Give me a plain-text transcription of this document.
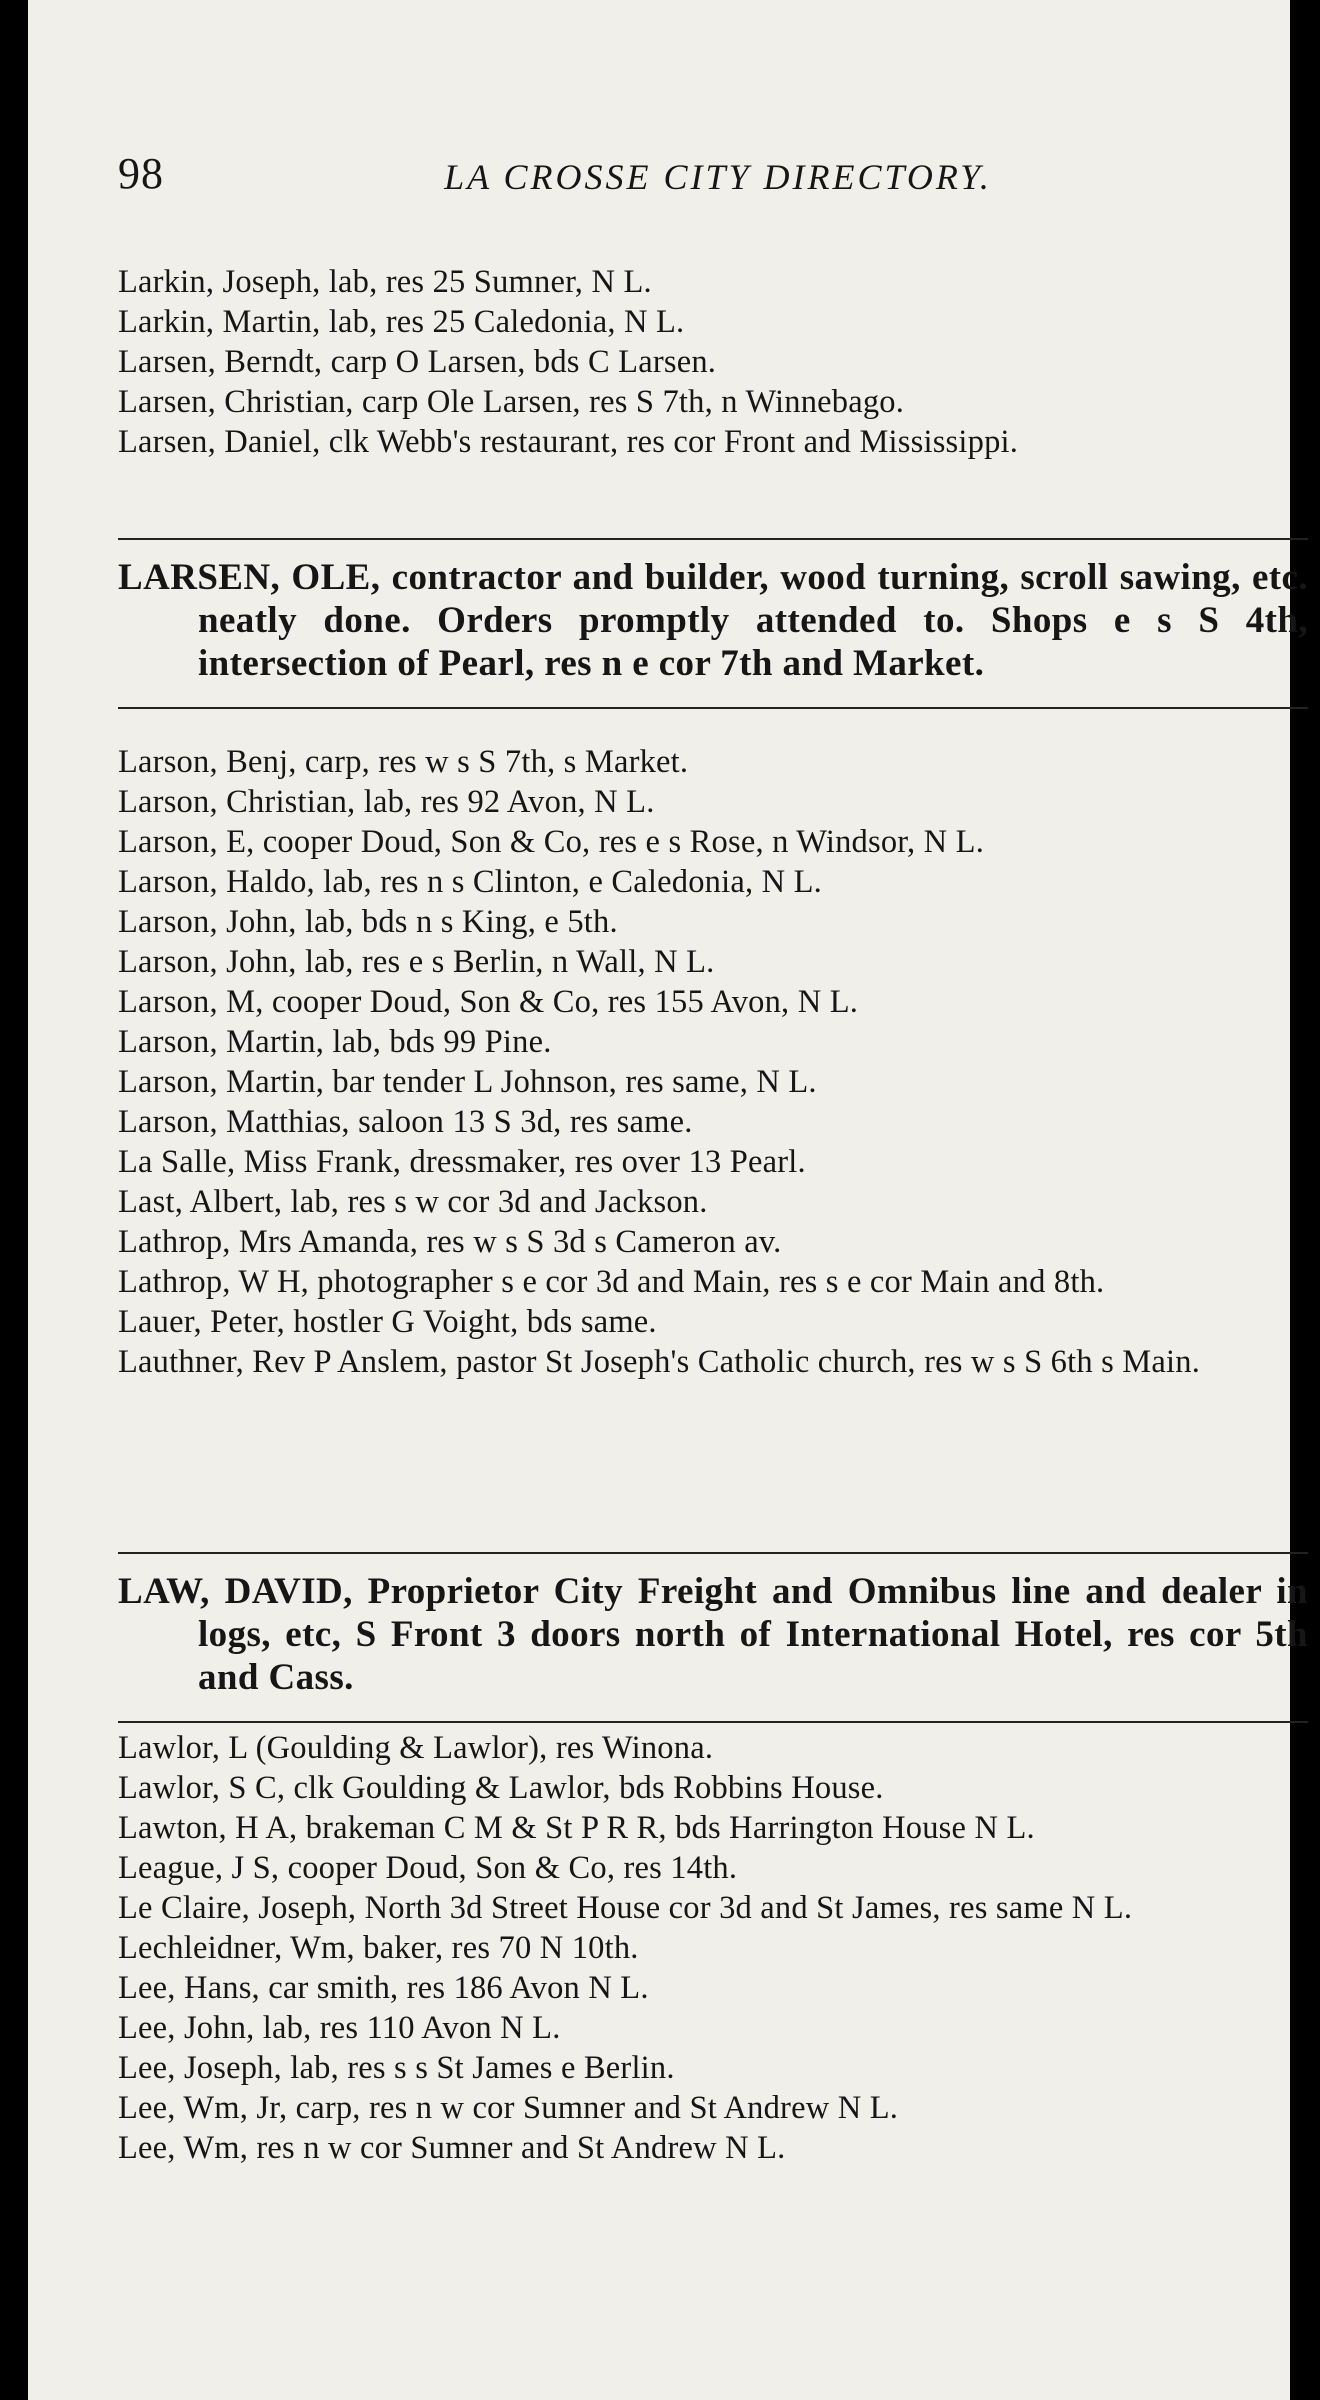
98	LA CROSSE CITY DIRECTORY.
Larkin, Joseph, lab, res 25 Sumner, N L.
Larkin, Martin, lab, res 25 Caledonia, N L.
Larsen, Berndt, carp O Larsen, bds C Larsen.
Larsen, Christian, carp Ole Larsen, res S 7th, n Winnebago.
Larsen, Daniel, clk Webb's restaurant, res cor Front and Mississippi.
LARSEN, OLE, contractor and builder, wood turning, scroll sawing, etc. neatly done. Orders promptly attended to. Shops e s S 4th, intersection of Pearl, res n e cor 7th and Market.
Larson, Benj, carp, res w s S 7th, s Market.
Larson, Christian, lab, res 92 Avon, N L.
Larson, E, cooper Doud, Son & Co, res e s Rose, n Windsor, N L.
Larson, Haldo, lab, res n s Clinton, e Caledonia, N L.
Larson, John, lab, bds n s King, e 5th.
Larson, John, lab, res e s Berlin, n Wall, N L.
Larson, M, cooper Doud, Son & Co, res 155 Avon, N L.
Larson, Martin, lab, bds 99 Pine.
Larson, Martin, bar tender L Johnson, res same, N L.
Larson, Matthias, saloon 13 S 3d, res same.
La Salle, Miss Frank, dressmaker, res over 13 Pearl.
Last, Albert, lab, res s w cor 3d and Jackson.
Lathrop, Mrs Amanda, res w s S 3d s Cameron av.
Lathrop, W H, photographer s e cor 3d and Main, res s e cor Main and 8th.
Lauer, Peter, hostler G Voight, bds same.
Lauthner, Rev P Anslem, pastor St Joseph's Catholic church, res w s S 6th s Main.
LAW, DAVID, Proprietor City Freight and Omnibus line and dealer in logs, etc, S Front 3 doors north of International Hotel, res cor 5th and Cass.
Lawlor, L (Goulding & Lawlor), res Winona.
Lawlor, S C, clk Goulding & Lawlor, bds Robbins House.
Lawton, H A, brakeman C M & St P R R, bds Harrington House N L.
League, J S, cooper Doud, Son & Co, res 14th.
Le Claire, Joseph, North 3d Street House cor 3d and St James, res same N L.
Lechleidner, Wm, baker, res 70 N 10th.
Lee, Hans, car smith, res 186 Avon N L.
Lee, John, lab, res 110 Avon N L.
Lee, Joseph, lab, res s s St James e Berlin.
Lee, Wm, Jr, carp, res n w cor Sumner and St Andrew N L.
Lee, Wm, res n w cor Sumner and St Andrew N L.
